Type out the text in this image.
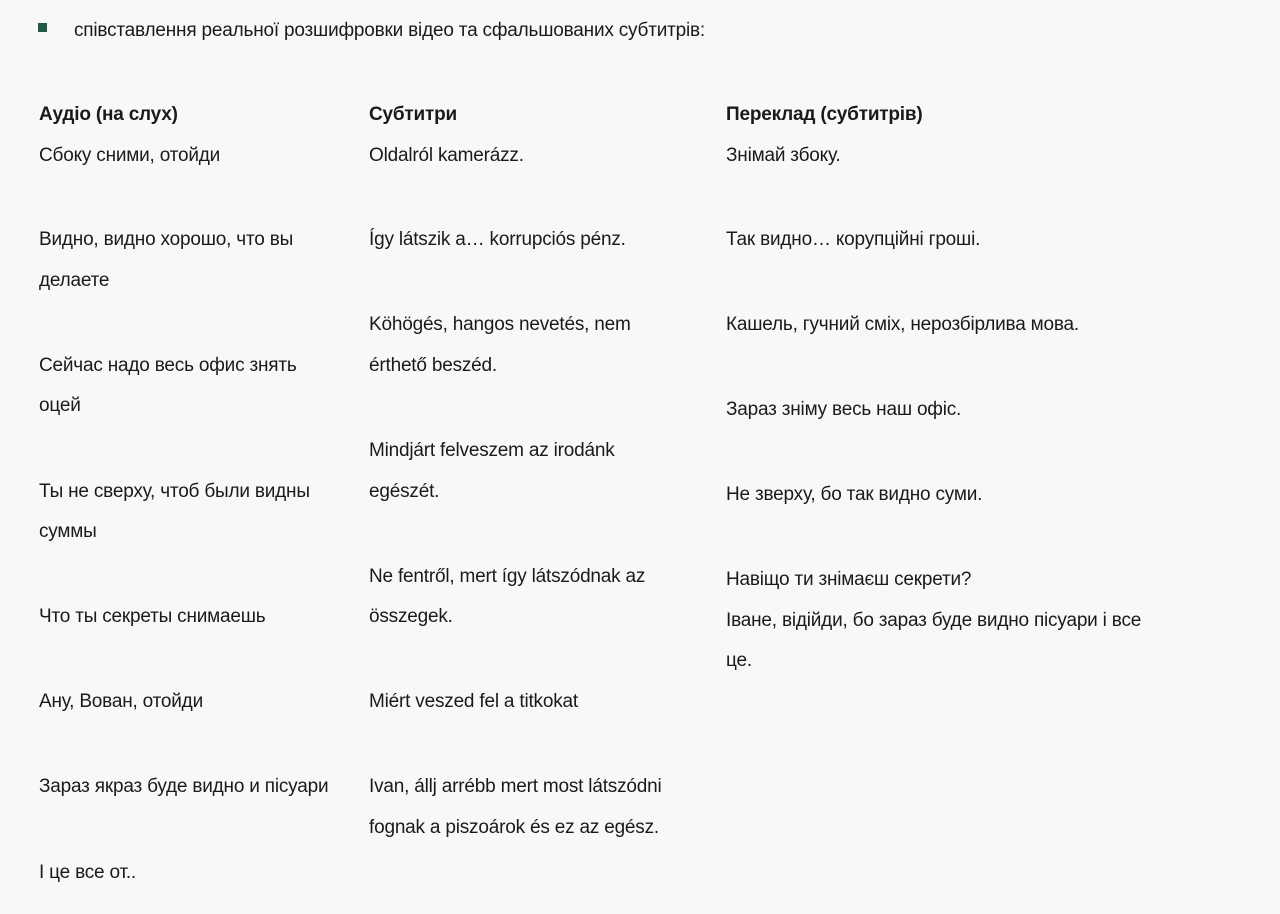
співставлення реальної розшифровки відео та сфальшованих субтитрів:
Аудіо (на слух)	Субтитри	Переклад (субтитрів)
Сбоку сними, отойди
Видно, видно хорошо, что вы
делаете
Сейчас надо весь офис знять
оцей
Ты не сверху, чтоб были видны
суммы
Что ты секреты снимаешь
Ану, Вован, отойди
Зараз якраз буде видно и пісуари
І це все от..
Oldalról kamerázz.
Így látszik a… korrupciós pénz.
Köhögés, hangos nevetés, nem
érthető beszéd.
Mindjárt felveszem az irodánk
egészét.
Ne fentről, mert így látszódnak az
összegek.
Miért veszed fel a titkokat
Ivan, állj arrébb mert most látszódni
fognak a piszoárok és ez az egész.
Знімай збоку.
Так видно… корупційні гроші.
Кашель, гучний сміх, нерозбірлива мова.
Зараз зніму весь наш офіс.
Не зверху, бо так видно суми.
Навіщо ти знімаєш секрети?
Іване, відійди, бо зараз буде видно пісуари і все
це.
